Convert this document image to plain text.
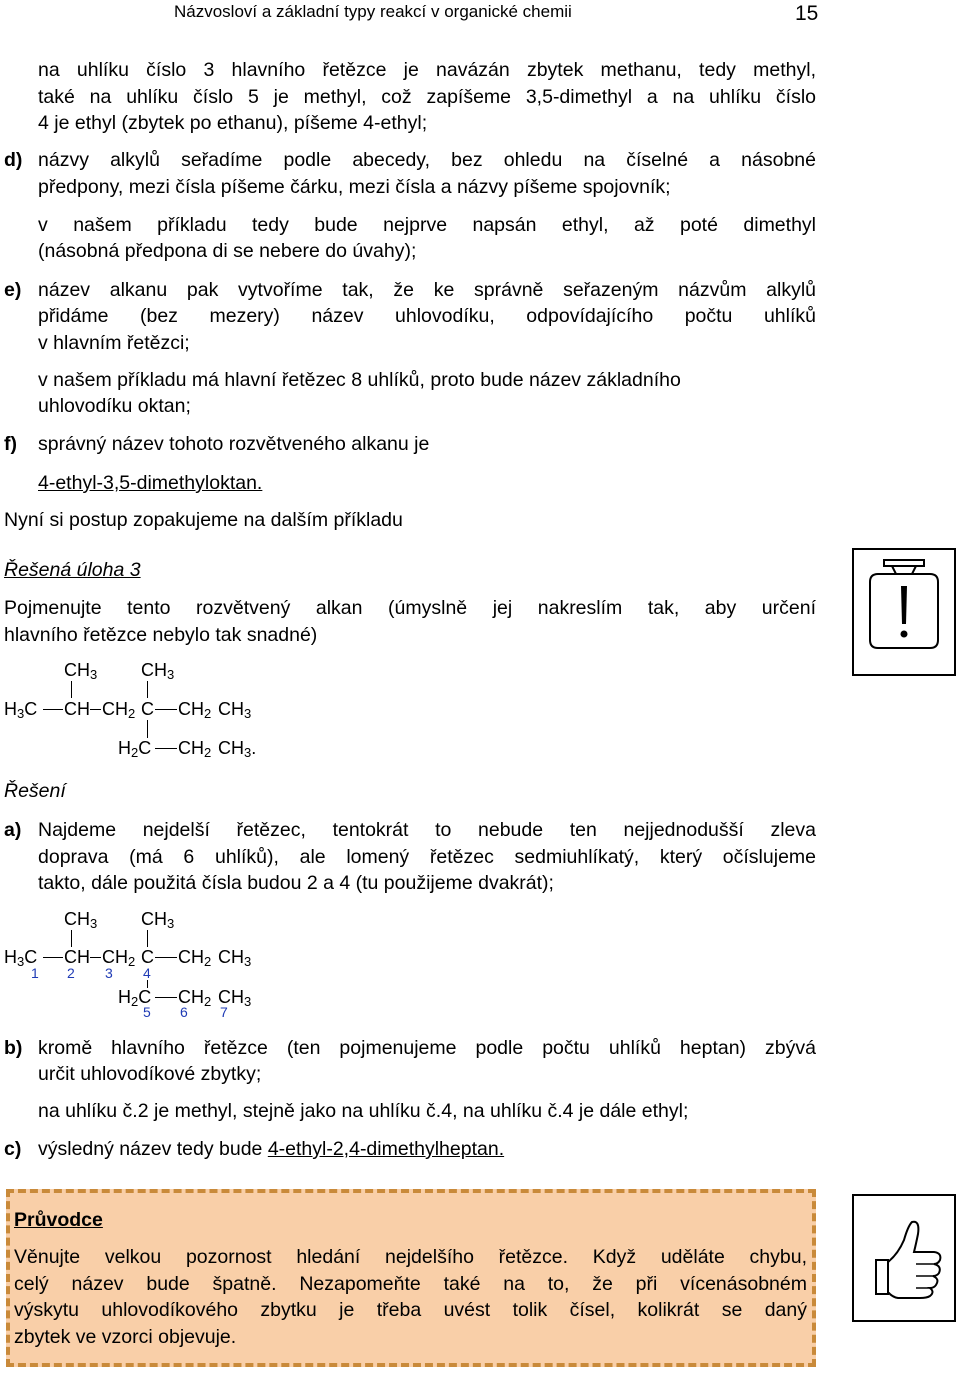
Názvosloví a základní typy reakcí v organické chemii	15
na uhlíku číslo 3 hlavního řetězce je navázán zbytek methanu, tedy methyl,
také na uhlíku číslo 5 je methyl, což zapíšeme 3,5-dimethyl a na uhlíku číslo
4 je ethyl (zbytek po ethanu), píšeme 4-ethyl;
d) názvy alkylů seřadíme podle abecedy, bez ohledu na číselné a násobné
předpony, mezi čísla píšeme čárku, mezi čísla a názvy píšeme spojovník;
v našem příkladu tedy bude nejprve napsán ethyl, až poté dimethyl
(násobná předpona di se nebere do úvahy);
e) název alkanu pak vytvoříme tak, že ke správně seřazeným názvům alkylů
přidáme (bez mezery) název uhlovodíku, odpovídajícího počtu uhlíků
v hlavním řetězci;
v našem příkladu má hlavní řetězec 8 uhlíků, proto bude název základního
uhlovodíku oktan;
f) správný název tohoto rozvětveného alkanu je
4-ethyl-3,5-dimethyloktan.
Nyní si postup zopakujeme na dalším příkladu
Řešená úloha 3
Pojmenujte tento rozvětvený alkan (úmyslně jej nakreslím tak, aby určení
hlavního řetězce nebylo tak snadné)
$CH_3$ $CH_3$
$H_3C$ CH $CH_2$ C $CH_2$ $CH_3$
$H_2C$ $CH_2$ $CH_3$.
Řešení
a) Najdeme nejdelší řetězec, tentokrát to nebude ten nejjednodušší zleva
doprava (má 6 uhlíků), ale lomený řetězec sedmiuhlíkatý, který očíslujeme
takto, dále použitá čísla budou 2 a 4 (tu použijeme dvakrát);
$CH_3$ $CH_3$
$H_3C$ CH $CH_2$ C $CH_2$ $CH_3$
1 2 3 4
$H_2C$ $CH_2$ $CH_3$
5 6 7
b) kromě hlavního řetězce (ten pojmenujeme podle počtu uhlíků heptan) zbývá
určit uhlovodíkové zbytky;
na uhlíku č.2 je methyl, stejně jako na uhlíku č.4, na uhlíku č.4 je dále ethyl;
c) výsledný název tedy bude 4-ethyl-2,4-dimethylheptan.
Průvodce
Věnujte velkou pozornost hledání nejdelšího řetězce. Když uděláte chybu,
celý název bude špatně. Nezapomeňte také na to, že při vícenásobném
výskytu uhlovodíkového zbytku je třeba uvést tolik čísel, kolikrát se daný
zbytek ve vzorci objevuje.
